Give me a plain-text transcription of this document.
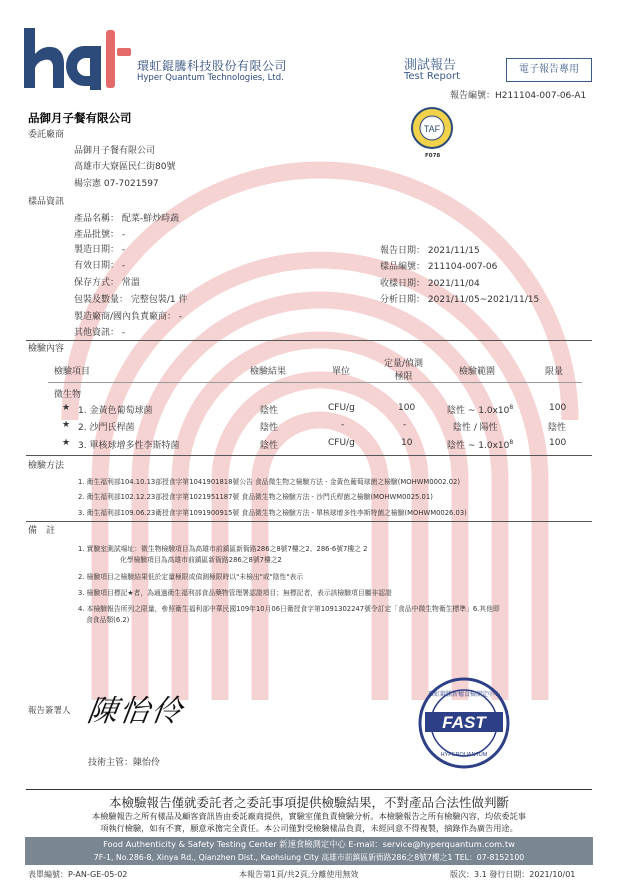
環虹錕騰科技股份有限公司
Hyper Quantum Technologies, Ltd.
測試報告
Test Report
電子報告專用
報告編號：H211104-007-06-A1
TAF
F078
品御月子餐有限公司
委託廠商
品御月子餐有限公司
高雄市大寮區民仁街80號
楊宗憲 07-7021597
樣品資訊
產品名稱： 配菜-鮮炒時蔬
產品批號： -
製造日期： -
有效日期： -
保存方式： 常溫
包裝及數量： 完整包裝/1 件
製造廠商/國內負責廠商： -
其他資訊： -
報告日期： 2021/11/15
樣品編號： 211104-007-06
收樣日期： 2021/11/04
分析日期： 2021/11/05~2021/11/15
檢驗內容
檢驗項目	檢驗結果	單位
定量/偵測
極限	檢驗範圍	限量
微生物
★ 1. 金黃色葡萄球菌	陰性	CFU/g	100	陰性 ~ $1.0x10^8$	100
★ 2. 沙門氏桿菌	陰性	-	-	陰性 / 陽性	陰性
★ 3. 單核球增多性李斯特菌	陰性	CFU/g	10	陰性 ~ $1.0x10^8$	100
檢驗方法
1. 衛生福利部104.10.13部授食字第1041901818號公告 食品微生物之檢驗方法 - 金黃色葡萄球菌之檢驗(MOHWM0002.02)
2. 衛生福利部102.12.23部授食字第1021951187號 食品微生物之檢驗方法 - 沙門氏桿菌之檢驗(MOHWM0025.01)
3. 衛生福利部109.06.23衛授食字第1091900915號 食品微生物之檢驗方法 - 單核球增多性李斯特菌之檢驗(MOHWM0026.03)
備　註
1. 實驗室測試場址：微生物檢驗項目為高雄市前鎮區新衙路286之8號7樓之2、286-6號7樓之 2
化學檢驗項目為高雄市前鎮區新衙路286之8號7樓之2
2. 檢驗項目之檢驗結果低於定量極限或偵測極限時以"未檢出"或"陰性"表示
3. 檢驗項目標記★者，為通過衛生福利部食品藥物管理署認證項目；無標記者，表示該檢驗項目屬非認證
4. 本檢驗報告所列之限量，參照衛生福利部中華民國109年10月06日衛授食字第1091302247號令訂定「食品中微生物衛生標準」6.其他即
食食品類(6.2)
報告簽署人 陳怡伶
技術主管：陳怡伶
FAST
環虹錕騰新穗食檢測定中心
HYPERQUANTUM
本檢驗報告僅就委託者之委託事項提供檢驗結果，不對產品合法性做判斷
本檢驗報告之所有樣品及顧客資訊皆由委託廠商提供，實驗室僅負責檢驗分析。本檢驗報告之所有檢驗內容，均依委託事
項執行檢驗，如有不實，願意承擔完全責任。本公司僅對受檢驗樣品負責，未經同意不得複製，摘錄作為廣告用途。
Food Authenticity & Safety Testing Center 新速食檢測定中心 E-mail：service@hyperquantum.com.tw
7F-1, No.286-8, Xinya Rd., Qianzhen Dist., Kaohsiung City 高雄市前鎮區新衙路286之8號7樓之1 TEL：07-8152100
表單編號：P-AN-GE-05-02	本報告第1頁/共2頁,分離使用無效	版次：3.1 發行日期：2021/10/01
